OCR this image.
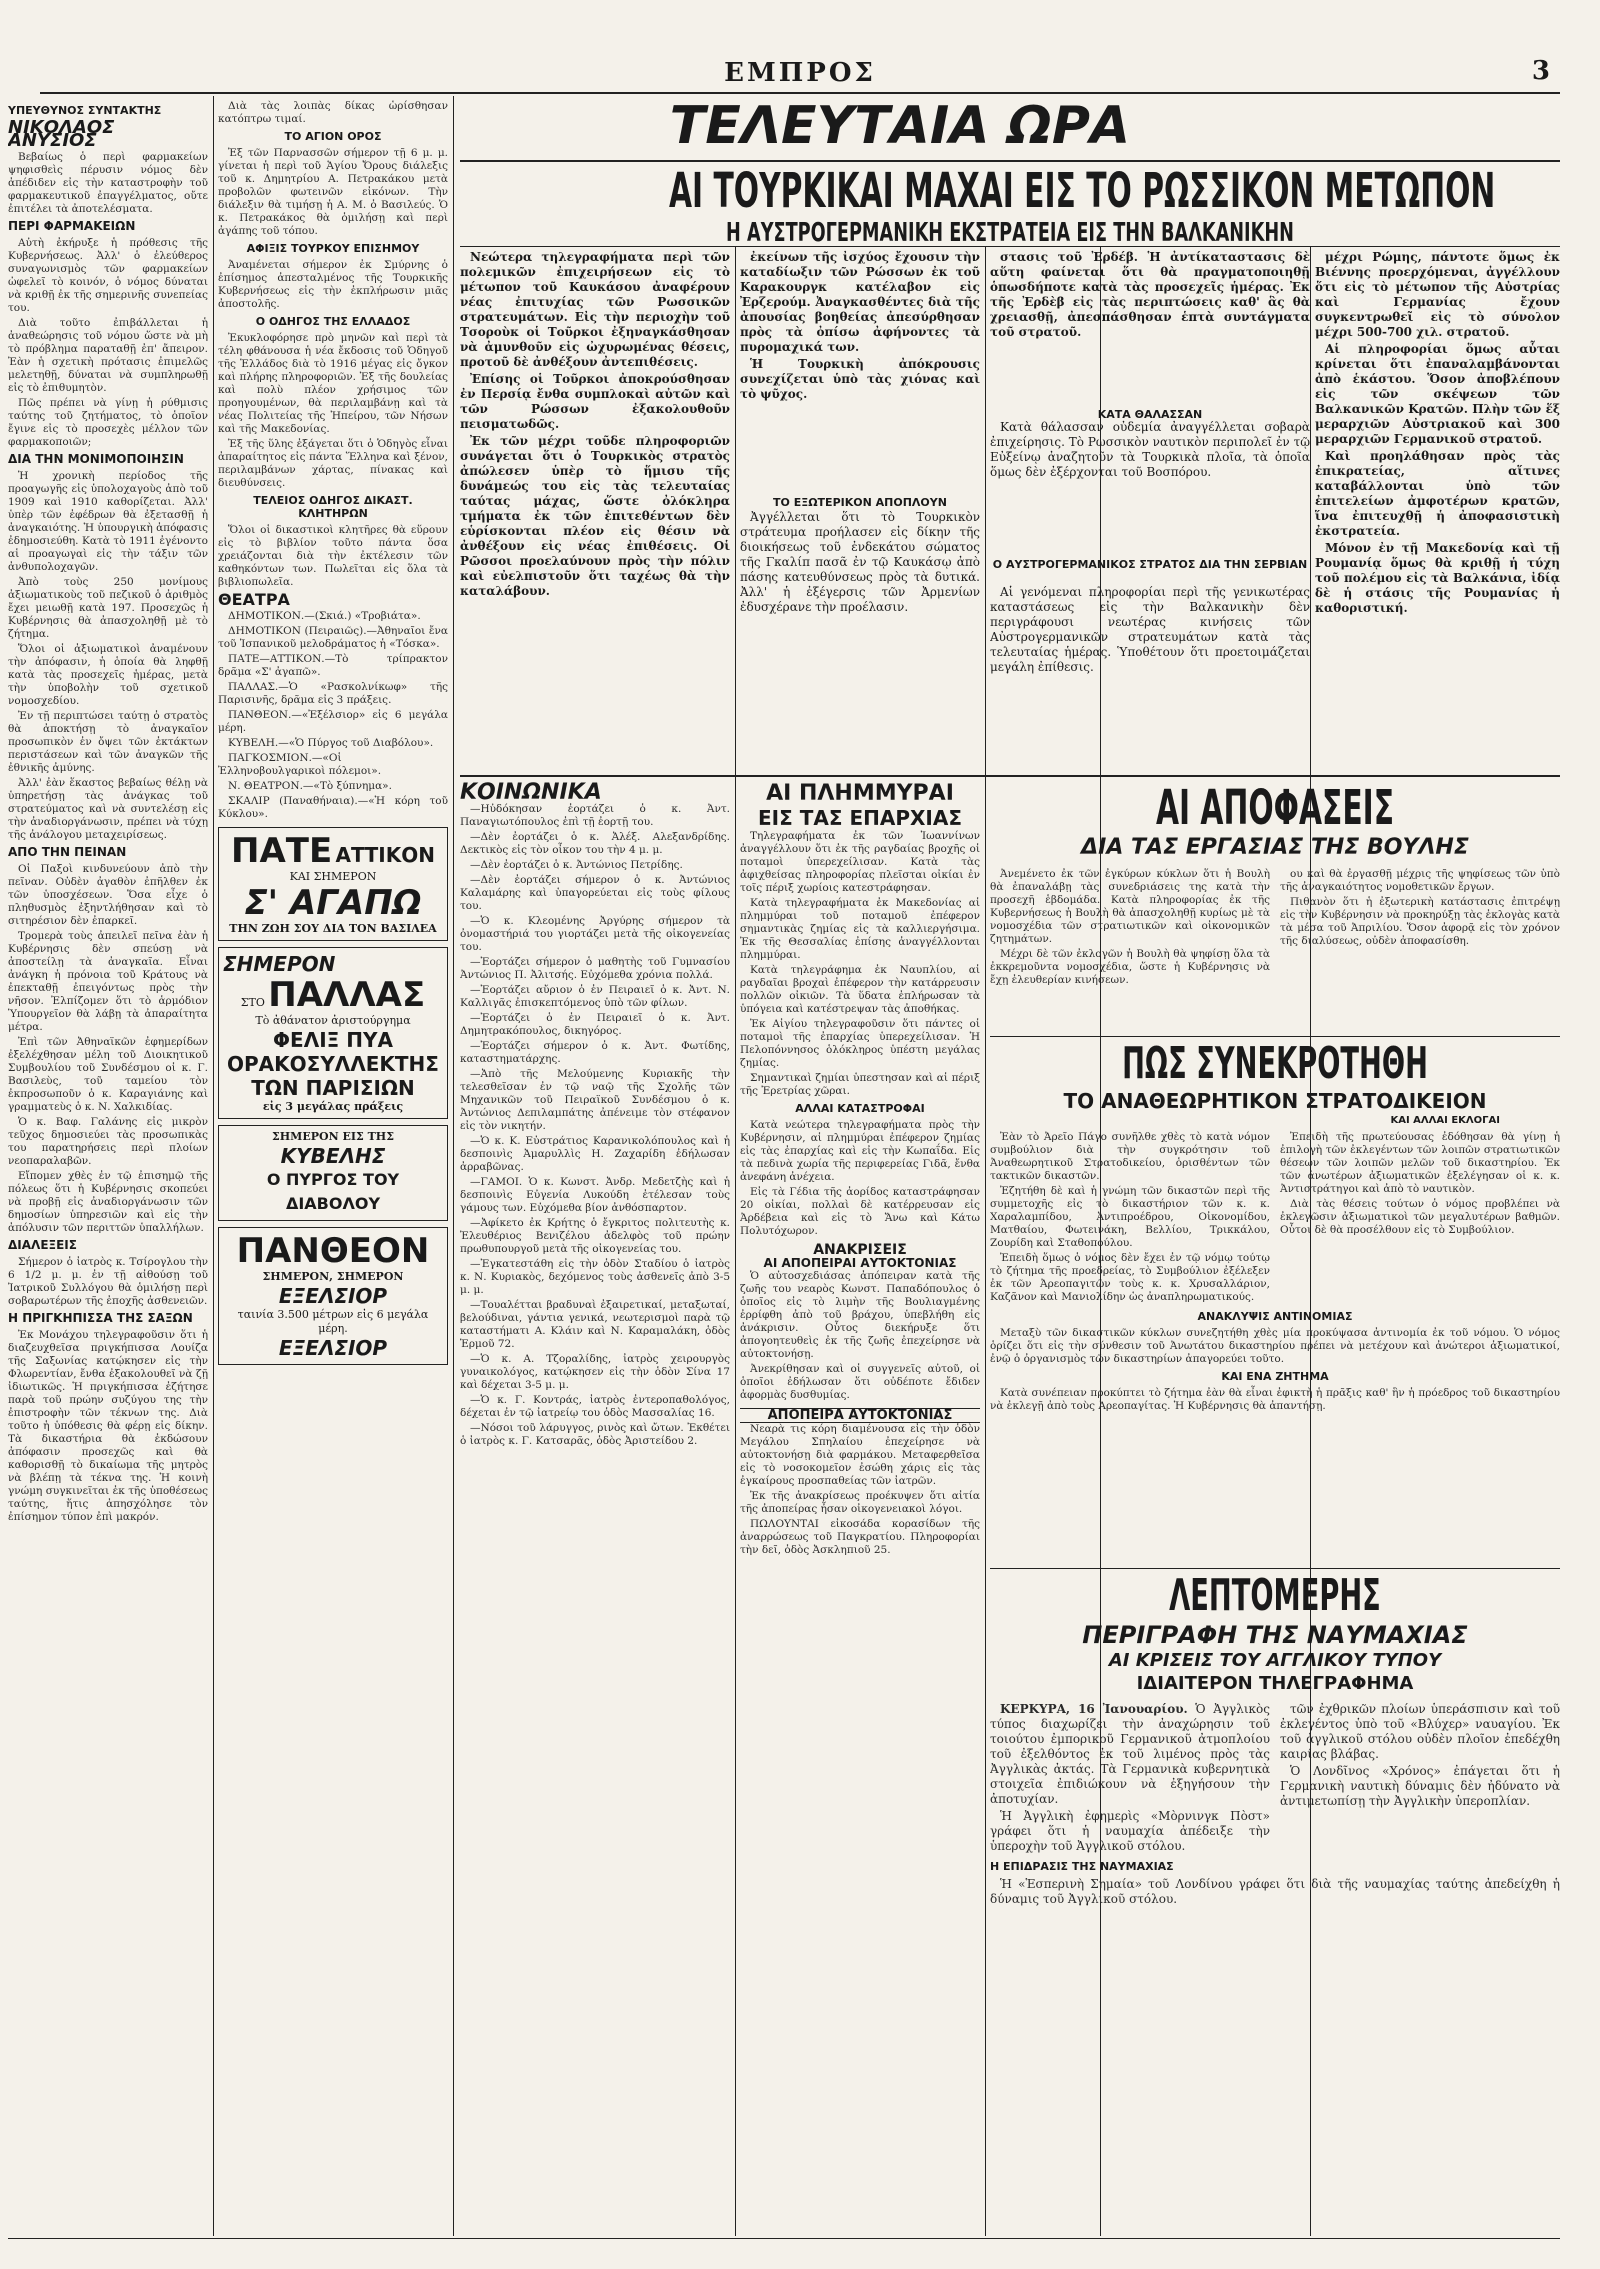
ΕΜΠΡΟΣ	3
ΥΠΕΥΘΥΝΟΣ ΣΥΝΤΑΚΤΗΣ
ΝΙΚΟΛΑΟΣ ΑΝΥΣΙΟΣ

Βεβαίως ὁ περὶ φαρμακείων ψηφισθεὶς πέρυσιν νόμος δὲν ἀπέδιδεν εἰς τὴν καταστροφὴν τοῦ φαρμακευτικοῦ ἐπαγγέλματος, οὔτε ἐπιτέλει τὰ ἀποτελέσματα.

ΠΕΡΙ ΦΑΡΜΑΚΕΙΩΝ

Αὐτὴ ἐκήρυξε ἡ πρόθεσις τῆς Κυβερνήσεως. Ἀλλ' ὁ ἐλεύθερος συναγωνισμὸς τῶν φαρμακείων ὠφελεῖ τὸ κοινόν, ὁ νόμος δύναται νὰ κριθῇ ἐκ τῆς σημερινῆς συνεπείας του.

Διὰ τοῦτο ἐπιβάλλεται ἡ ἀναθεώρησις τοῦ νόμου ὥστε νὰ μὴ τὸ πρόβλημα παραταθῇ ἐπ' ἄπειρον. Ἐὰν ἡ σχετικὴ πρότασις ἐπιμελῶς μελετηθῇ, δύναται νὰ συμπληρωθῇ εἰς τὸ ἐπιθυμητὸν.

Πῶς πρέπει νὰ γίνῃ ἡ ρύθμισις ταύτης τοῦ ζητήματος, τὸ ὁποῖον ἔγινε εἰς τὸ προσεχὲς μέλλον τῶν φαρμακοποιῶν;

ΔΙΑ ΤΗΝ ΜΟΝΙΜΟΠΟΙΗΣΙΝ

Ἡ χρονικὴ περίοδος τῆς προαγωγῆς εἰς ὑπολοχαγοὺς ἀπὸ τοῦ 1909 καὶ 1910 καθορίζεται. Ἀλλ' ὑπὲρ τῶν ἐφέδρων θὰ ἐξετασθῇ ἡ ἀναγκαιότης. Ἡ ὑπουργικὴ ἀπόφασις ἐδημοσιεύθη. Κατὰ τὸ 1911 ἐγένοντο αἱ προαγωγαὶ εἰς τὴν τάξιν τῶν ἀνθυπολοχαγῶν.

Ἀπὸ τοὺς 250 μονίμους ἀξιωματικοὺς τοῦ πεζικοῦ ὁ ἀριθμὸς ἔχει μειωθῇ κατὰ 197. Προσεχῶς ἡ Κυβέρνησις θὰ ἀπασχοληθῇ μὲ τὸ ζήτημα.

Ὅλοι οἱ ἀξιωματικοὶ ἀναμένουν τὴν ἀπόφασιν, ἡ ὁποία θὰ ληφθῇ κατὰ τὰς προσεχεῖς ἡμέρας, μετὰ τὴν ὑποβολὴν τοῦ σχετικοῦ νομοσχεδίου.

Ἐν τῇ περιπτώσει ταύτῃ ὁ στρατὸς θὰ ἀποκτήσῃ τὸ ἀναγκαῖον προσωπικὸν ἐν ὄψει τῶν ἐκτάκτων περιστάσεων καὶ τῶν ἀναγκῶν τῆς ἐθνικῆς ἀμύνης.

Ἀλλ' ἐὰν ἕκαστος βεβαίως θέλῃ νὰ ὑπηρετήσῃ τὰς ἀνάγκας τοῦ στρατεύματος καὶ νὰ συντελέσῃ εἰς τὴν ἀναδιοργάνωσιν, πρέπει νὰ τύχῃ τῆς ἀνάλογου μεταχειρίσεως.

ΑΠΟ ΤΗΝ ΠΕΙΝΑΝ

Οἱ Παξοὶ κινδυνεύουν ἀπὸ τὴν πεῖναν. Οὐδὲν ἀγαθὸν ἐπῆλθεν ἐκ τῶν ὑποσχέσεων. Ὅσα εἶχε ὁ πληθυσμὸς ἐξηντλήθησαν καὶ τὸ σιτηρέσιον δὲν ἐπαρκεῖ.

Τρομερὰ τοὺς ἀπειλεῖ πεῖνα ἐὰν ἡ Κυβέρνησις δὲν σπεύσῃ νὰ ἀποστείλῃ τὰ ἀναγκαῖα. Εἶναι ἀνάγκη ἡ πρόνοια τοῦ Κράτους νὰ ἐπεκταθῇ ἐπειγόντως πρὸς τὴν νῆσον. Ἐλπίζομεν ὅτι τὸ ἁρμόδιον Ὑπουργεῖον θὰ λάβῃ τὰ ἀπαραίτητα μέτρα.

Ἐπὶ τῶν Ἀθηναϊκῶν ἐφημερίδων ἐξελέχθησαν μέλη τοῦ Διοικητικοῦ Συμβουλίου τοῦ Συνδέσμου οἱ κ. Γ. Βασιλεὺς, τοῦ ταμείου τὸν ἐκπροσωποῦν ὁ κ. Καραγιάνης καὶ γραμματεὺς ὁ κ. Ν. Χαλκιδίας.

Ὁ κ. Βαφ. Γαλάνης εἰς μικρὸν τεῦχος δημοσιεύει τὰς προσωπικὰς του παρατηρήσεις περὶ πλοίων νεοπαραλαβῶν.

Εἴπομεν χθὲς ἐν τῷ ἐπισημῷ τῆς πόλεως ὅτι ἡ Κυβέρνησις σκοπεύει νὰ προβῇ εἰς ἀναδιοργάνωσιν τῶν δημοσίων ὑπηρεσιῶν καὶ εἰς τὴν ἀπόλυσιν τῶν περιττῶν ὑπαλλήλων.

ΔΙΑΛΕΞΕΙΣ

Σήμερον ὁ ἰατρὸς κ. Τσίρογλου τὴν 6 1/2 μ. μ. ἐν τῇ αἰθούσῃ τοῦ Ἰατρικοῦ Συλλόγου θὰ ὁμιλήσῃ περὶ σοβαρωτέρων τῆς ἐποχῆς ἀσθενειῶν.

Η ΠΡΙΓΚΗΠΙΣΣΑ ΤΗΣ ΣΑΞΩΝ

Ἐκ Μονάχου τηλεγραφοῦσιν ὅτι ἡ διαζευχθεῖσα πριγκήπισσα Λουίζα τῆς Σαξωνίας κατῴκησεν εἰς τὴν Φλωρεντίαν, ἔνθα ἐξακολουθεῖ νὰ ζῇ ἰδιωτικῶς. Ἡ πριγκήπισσα ἐζήτησε παρὰ τοῦ πρώην συζύγου της τὴν ἐπιστροφὴν τῶν τέκνων της. Διὰ τοῦτο ἡ ὑπόθεσις θὰ φέρῃ εἰς δίκην. Τὰ δικαστήρια θὰ ἐκδώσουν ἀπόφασιν προσεχῶς καὶ θὰ καθορισθῇ τὸ δικαίωμα τῆς μητρὸς νὰ βλέπῃ τὰ τέκνα της. Ἡ κοινὴ γνώμη συγκινεῖται ἐκ τῆς ὑποθέσεως ταύτης, ἥτις ἀπησχόλησε τὸν ἐπίσημον τύπον ἐπὶ μακρόν.

Διὰ τὰς λοιπὰς δίκας ὡρίσθησαν κατόπτρω τιμαί.

ΤΟ ΑΓΙΟΝ ΟΡΟΣ

Ἐξ τῶν Παρνασσῶν σήμερον τῇ 6 μ. μ. γίνεται ἡ περὶ τοῦ Ἁγίου Ὄρους διάλεξις τοῦ κ. Δημητρίου Α. Πετρακάκου μετὰ προβολῶν φωτεινῶν εἰκόνων. Τὴν διάλεξιν θὰ τιμήσῃ ἡ Α. Μ. ὁ Βασιλεύς. Ὁ κ. Πετρακάκος θὰ ὁμιλήσῃ καὶ περὶ ἀγάπης τοῦ τόπου.

ΑΦΙΞΙΣ ΤΟΥΡΚΟΥ ΕΠΙΣΗΜΟΥ

Ἀναμένεται σήμερον ἐκ Σμύρνης ὁ ἐπίσημος ἀπεσταλμένος τῆς Τουρκικῆς Κυβερνήσεως εἰς τὴν ἐκπλήρωσιν μιᾶς ἀποστολῆς.

Ο ΟΔΗΓΟΣ ΤΗΣ ΕΛΛΑΔΟΣ

Ἐκυκλοφόρησε πρὸ μηνῶν καὶ περὶ τὰ τέλη φθάνουσα ἡ νέα ἔκδοσις τοῦ Ὁδηγοῦ τῆς Ἑλλάδος διὰ τὸ 1916 μέγας εἰς ὄγκον καὶ πλήρης πληροφοριῶν. Ἐξ τῆς δουλείας καὶ πολὺ πλέον χρήσιμος τῶν προηγουμένων, θὰ περιλαμβάνῃ καὶ τὰ νέας Πολιτείας τῆς Ἠπείρου, τῶν Νήσων καὶ τῆς Μακεδονίας.

Ἐξ τῆς ὕλης ἐξάγεται ὅτι ὁ Ὁδηγὸς εἶναι ἀπαραίτητος εἰς πάντα Ἕλληνα καὶ ξένον, περιλαμβάνων χάρτας, πίνακας καὶ διευθύνσεις.

ΤΕΛΕΙΟΣ ΟΔΗΓΟΣ ΔΙΚΑΣΤ. ΚΛΗΤΗΡΩΝ

Ὅλοι οἱ δικαστικοὶ κλητῆρες θὰ εὕρουν εἰς τὸ βιβλίον τοῦτο πάντα ὅσα χρειάζονται διὰ τὴν ἐκτέλεσιν τῶν καθηκόντων των. Πωλεῖται εἰς ὅλα τὰ βιβλιοπωλεῖα.

ΘΕΑΤΡΑ

ΔΗΜΟΤΙΚΟΝ.—(Σκιά.) «Τροβιάτα».

ΔΗΜΟΤΙΚΟΝ (Πειραιῶς).—Ἀθηναῖοι ἔνα τοῦ Ἰσπανικοῦ μελοδράματος ἡ «Τόσκα».

ΠΑΤΕ—ΑΤΤΙΚΟΝ.—Τὸ τρίπρακτον δρᾶμα «Σ' ἀγαπῶ».

ΠΑΛΛΑΣ.—Ὁ «Ρασκολνίκωφ» τῆς Παρισινῆς, δρᾶμα εἰς 3 πράξεις.

ΠΑΝΘΕΟΝ.—«Ἐξέλσιορ» εἰς 6 μεγάλα μέρη.

ΚΥΒΕΛΗ.—«Ὁ Πύργος τοῦ Διαβόλου».

ΠΑΓΚΟΣΜΙΟΝ.—«Οἱ Ἐλληνοβουλγαρικοὶ πόλεμοι».

Ν. ΘΕΑΤΡΟΝ.—«Τὸ ξύπνημα».

ΣΚΑΛΙΡ (Παναθήναια).—«Ἡ κόρη τοῦ Κύκλου».

ΠΑΤΕ ΑΤΤΙΚΟΝ
ΚΑΙ ΣΗΜΕΡΟΝ
Σ' ΑΓΑΠΩ
ΤΗΝ ΖΩΗ ΣΟΥ ΔΙΑ ΤΟΝ ΒΑΣΙΛΕΑ
ΣΗΜΕΡΟΝ
ΣΤΟ ΠΑΛΛΑΣ
Τὸ ἀθάνατον ἀριστούργημα
ΦΕΛΙΞ ΠΥΑ
ΟΡΑΚΟΣΥΛΛΕΚΤΗΣ
ΤΩΝ ΠΑΡΙΣΙΩΝ
εἰς 3 μεγάλας πράξεις
ΣΗΜΕΡΟΝ ΕΙΣ ΤΗΣ ΚΥΒΕΛΗΣ
Ο ΠΥΡΓΟΣ ΤΟΥ ΔΙΑΒΟΛΟΥ
ΠΑΝΘΕΟΝ
ΣΗΜΕΡΟΝ, ΣΗΜΕΡΟΝ
ΕΞΕΛΣΙΟΡ
ταινία 3.500 μέτρων εἰς 6 μεγάλα μέρη.
ΕΞΕΛΣΙΟΡ
ΤΕΛΕΥΤΑΙΑ ΩΡΑ
ΑΙ ΤΟΥΡΚΙΚΑΙ ΜΑΧΑΙ ΕΙΣ ΤΟ ΡΩΣΣΙΚΟΝ ΜΕΤΩΠΟΝ
Η ΑΥΣΤΡΟΓΕΡΜΑΝΙΚΗ ΕΚΣΤΡΑΤΕΙΑ ΕΙΣ ΤΗΝ ΒΑΛΚΑΝΙΚΗΝ

Νεώτερα τηλεγραφήματα περὶ τῶν πολεμικῶν ἐπιχειρήσεων εἰς τὸ μέτωπον τοῦ Καυκάσου ἀναφέρουν νέας ἐπιτυχίας τῶν Ρωσσικῶν στρατευμάτων. Εἰς τὴν περιοχὴν τοῦ Τσοροὺκ οἱ Τοῦρκοι ἐξηναγκάσθησαν νὰ ἀμυνθοῦν εἰς ὠχυρωμένας θέσεις, προτοῦ δὲ ἀνθέξουν ἀντεπιθέσεις.

Ἐπίσης οἱ Τοῦρκοι ἀποκρούσθησαν ἐν Περσίᾳ ἔνθα συμπλοκαὶ αὐτῶν καὶ τῶν Ρώσσων ἐξακολουθοῦν πεισματωδῶς.

Ἐκ τῶν μέχρι τοῦδε πληροφοριῶν συνάγεται ὅτι ὁ Τουρκικὸς στρατὸς ἀπώλεσεν ὑπὲρ τὸ ἥμισυ τῆς δυνάμεώς του εἰς τὰς τελευταίας ταύτας μάχας, ὥστε ὀλόκληρα τμήματα ἐκ τῶν ἐπιτεθέντων δὲν εὑρίσκονται πλέον εἰς θέσιν νὰ ἀνθέξουν εἰς νέας ἐπιθέσεις. Οἱ Ρῶσσοι προελαύνουν πρὸς τὴν πόλιν καὶ εὐελπιστοῦν ὅτι ταχέως θὰ τὴν καταλάβουν.

ἐκείνων τῆς ἰσχύος ἔχουσιν τὴν καταδίωξιν τῶν Ρώσσων ἐκ τοῦ Καρακουργκ κατέλαβον εἰς Ἐρζερούμ. Ἀναγκασθέντες διὰ τῆς ἀπουσίας βοηθείας ἀπεσύρθησαν πρὸς τὰ ὀπίσω ἀφήνοντες τὰ πυρομαχικά των.

Ἡ Τουρκικὴ ἀπόκρουσις συνεχίζεται ὑπὸ τὰς χιόνας καὶ τὸ ψῦχος.

ΤΟ ΕΞΩΤΕΡΙΚΟΝ ΑΠΟΠΛΟΥΝ

Ἀγγέλλεται ὅτι τὸ Τουρκικὸν στράτευμα προήλασεν εἰς δίκην τῆς διοικήσεως τοῦ ἐνδεκάτου σώματος τῆς Γκαλίπ πασᾶ ἐν τῷ Καυκάσῳ ἀπὸ πάσης κατευθύνσεως πρὸς τὰ δυτικά. Ἀλλ' ἡ ἐξέγερσις τῶν Ἀρμενίων ἐδυσχέρανε τὴν προέλασιν.

στασις τοῦ Ἐρδέβ. Ἡ ἀντίκαταστασις δὲ αὕτη φαίνεται ὅτι θὰ πραγματοποιηθῇ ὁπωσδήποτε κατὰ τὰς προσεχεῖς ἡμέρας. Ἐκ τῆς Ἐρδὲβ εἰς τὰς περιπτώσεις καθ' ἃς θὰ χρειασθῇ, ἀπεσπάσθησαν ἑπτὰ συντάγματα τοῦ στρατοῦ.

ΚΑΤΑ ΘΑΛΑΣΣΑΝ

Κατὰ θάλασσαν οὐδεμία ἀναγγέλλεται σοβαρὰ ἐπιχείρησις. Τὸ Ρωσσικὸν ναυτικὸν περιπολεῖ ἐν τῷ Εὐξείνῳ ἀναζητοῦν τὰ Τουρκικὰ πλοῖα, τὰ ὁποῖα ὅμως δὲν ἐξέρχονται τοῦ Βοσπόρου.

Ο ΑΥΣΤΡΟΓΕΡΜΑΝΙΚΟΣ ΣΤΡΑΤΟΣ ΔΙΑ ΤΗΝ ΣΕΡΒΙΑΝ

Αἱ γενόμεναι πληροφορίαι περὶ τῆς γενικωτέρας καταστάσεως εἰς τὴν Βαλκανικὴν δὲν περιγράφουσι νεωτέρας κινήσεις τῶν Αὐστρογερμανικῶν στρατευμάτων κατὰ τὰς τελευταίας ἡμέρας. Ὑποθέτουν ὅτι προετοιμάζεται μεγάλη ἐπίθεσις.

μέχρι Ρώμης, πάντοτε ὅμως ἐκ Βιέννης προερχόμεναι, ἀγγέλλουν ὅτι εἰς τὸ μέτωπον τῆς Αὐστρίας καὶ Γερμανίας ἔχουν συγκεντρωθεῖ εἰς τὸ σύνολον μέχρι 500-700 χιλ. στρατοῦ.

Αἱ πληροφορίαι ὅμως αὗται κρίνεται ὅτι ἐπαναλαμβάνονται ἀπὸ ἑκάστου. Ὅσον ἀποβλέπουν εἰς τῶν σκέψεων τῶν Βαλκανικῶν Κρατῶν. Πλὴν τῶν ἕξ μεραρχιῶν Αὐστριακοῦ καὶ 300 μεραρχιῶν Γερμανικοῦ στρατοῦ.

Καὶ προηλάθησαν πρὸς τὰς ἐπικρατείας, αἵτινες καταβάλλονται ὑπὸ τῶν ἐπιτελείων ἀμφοτέρων κρατῶν, ἵνα ἐπιτευχθῇ ἡ ἀποφασιστικὴ ἐκστρατεία.

Μόνον ἐν τῇ Μακεδονίᾳ καὶ τῇ Ρουμανίᾳ ὅμως θὰ κριθῇ ἡ τύχη τοῦ πολέμου εἰς τὰ Βαλκάνια, ἰδίᾳ δὲ ἡ στάσις τῆς Ρουμανίας ἡ καθοριστική.

ΚΟΙΝΩΝΙΚΑ

—Ηὐδόκησαν ἐορτάζει ὁ κ. Ἀντ. Παναγιωτόπουλος ἐπὶ τῇ ἐορτῇ του.

—Δὲν ἐορτάζει ὁ κ. Ἀλέξ. Αλεξανδρίδης. Δεκτικὸς εἰς τὸν οἶκον του τὴν 4 μ. μ.

—Δὲν ἐορτάζει ὁ κ. Ἀντώνιος Πετρίδης.

—Δὲν ἐορτάζει σήμερον ὁ κ. Ἀντώνιος Καλαμάρης καὶ ὑπαγορεύεται εἰς τοὺς φίλους του.

—Ὁ κ. Κλεομένης Ἀργύρης σήμερον τὰ ὀνομαστήριά του γιορτάζει μετὰ τῆς οἰκογενείας του.

—Ἐορτάζει σήμερον ὁ μαθητὴς τοῦ Γυμνασίου Ἀντώνιος Π. Ἀλιτσής. Εὐχόμεθα χρόνια πολλά.

—Ἐορτάζει αὔριον ὁ ἐν Πειραιεῖ ὁ κ. Ἀντ. Ν. Καλλιγᾶς ἐπισκεπτόμενος ὑπὸ τῶν φίλων.

—Ἐορτάζει ὁ ἐν Πειραιεῖ ὁ κ. Ἀντ. Δημητρακόπουλος, δικηγόρος.

—Ἐορτάζει σήμερον ὁ κ. Ἀντ. Φωτίδης, καταστηματάρχης.

—Ἀπὸ τῆς Μελούμενης Κυριακῆς τὴν τελεσθεῖσαν ἐν τῷ ναῷ τῆς Σχολῆς τῶν Μηχανικῶν τοῦ Πειραϊκοῦ Συνδέσμου ὁ κ. Ἀντώνιος Δεπιλαμπάτης ἀπένειμε τὸν στέφανον εἰς τὸν νικητήν.

—Ὁ κ. Κ. Εὐστράτιος Καρανικολόπουλος καὶ ἡ δεσποινὶς Ἀμαρυλλὶς Η. Ζαχαρίδη ἐδήλωσαν ἀρραβῶνας.

—ΓΑΜΟΙ. Ὁ κ. Κωνστ. Ἀνδρ. Μεδετζὴς καὶ ἡ δεσποινὶς Εὐγενία Λυκούδη ἐτέλεσαν τοὺς γάμους των. Εὐχόμεθα βίον ἀνθόσπαρτον.

—Ἀφίκετο ἐκ Κρήτης ὁ ἔγκριτος πολιτευτὴς κ. Ἐλευθέριος Βενιζέλου ἀδελφὸς τοῦ πρώην πρωθυπουργοῦ μετὰ τῆς οἰκογενείας του.

—Ἐγκατεστάθη εἰς τὴν ὁδὸν Σταδίου ὁ ἰατρὸς κ. Ν. Κυριακὸς, δεχόμενος τοὺς ἀσθενεῖς ἀπὸ 3-5 μ. μ.

—Τουαλέτται βραδυναὶ ἐξαιρετικαί, μεταξωταί, βελούδιναι, γάντια γενικά, νεωτερισμοὶ παρὰ τῷ καταστήματι Α. Κλάιν καὶ Ν. Καραμαλάκη, ὁδὸς Ἑρμοῦ 72.

—Ὁ κ. Α. Τζοραλίδης, ἰατρὸς χειρουργὸς γυναικολόγος, κατῴκησεν εἰς τὴν ὁδὸν Σίνα 17 καὶ δέχεται 3-5 μ. μ.

—Ὁ κ. Γ. Κοντράς, ἰατρὸς ἐντεροπαθολόγος, δέχεται ἐν τῷ ἰατρείῳ του ὁδὸς Μασσαλίας 16.

—Νόσοι τοῦ λάρυγγος, ρινὸς καὶ ὤτων. Ἐκθέτει ὁ ἰατρὸς κ. Γ. Κατσαρᾶς, ὁδὸς Ἀριστείδου 2.

ΑΙ ΠΛΗΜΜΥΡΑΙ
ΕΙΣ ΤΑΣ ΕΠΑΡΧΙΑΣ

Τηλεγραφήματα ἐκ τῶν Ἰωαννίνων ἀναγγέλλουν ὅτι ἐκ τῆς ραγδαίας βροχῆς οἱ ποταμοὶ ὑπερεχείλισαν. Κατὰ τὰς ἀφιχθείσας πληροφορίας πλεῖσται οἰκίαι ἐν τοῖς πέριξ χωρίοις κατεστράφησαν.

Κατὰ τηλεγραφήματα ἐκ Μακεδονίας αἱ πλημμύραι τοῦ ποταμοῦ ἐπέφερον σημαντικὰς ζημίας εἰς τὰ καλλιεργήσιμα. Ἐκ τῆς Θεσσαλίας ἐπίσης ἀναγγέλλονται πλημμύραι.

Κατὰ τηλεγράφημα ἐκ Ναυπλίου, αἱ ραγδαῖαι βροχαὶ ἐπέφερον τὴν κατάρρευσιν πολλῶν οἰκιῶν. Τὰ ὕδατα ἐπλήρωσαν τὰ ὑπόγεια καὶ κατέστρεψαν τὰς ἀποθήκας.

Ἐκ Αἰγίου τηλεγραφοῦσιν ὅτι πάντες οἱ ποταμοὶ τῆς ἐπαρχίας ὑπερεχείλισαν. Ἡ Πελοπόννησος ὁλόκληρος ὑπέστη μεγάλας ζημίας.

Σημαντικαὶ ζημίαι ὑπεστησαν καὶ αἱ πέριξ τῆς Ἐρετρίας χῶραι.

ΑΛΛΑΙ ΚΑΤΑΣΤΡΟΦΑΙ

Κατὰ νεώτερα τηλεγραφήματα πρὸς τὴν Κυβέρνησιν, αἱ πλημμύραι ἐπέφερον ζημίας εἰς τὰς ἐπαρχίας καὶ εἰς τὴν Κωπαΐδα. Εἰς τὰ πεδινὰ χωρία τῆς περιφερείας Γιδᾶ, ἔνθα ἀνεφάνη ἀνέχεια.

Εἰς τὰ Γέδια τῆς ἀορίδος καταστράφησαν 20 οἰκίαι, πολλαὶ δὲ κατέρρευσαν εἰς Ἀρδέβεια καὶ εἰς τὸ Ἄνω καὶ Κάτω Πολυτόχωρον.

ΑΝΑΚΡΙΣΕΙΣ
ΑΙ ΑΠΟΠΕΙΡΑΙ ΑΥΤΟΚΤΟΝΙΑΣ

Ὁ αὐτοσχεδιάσας ἀπόπειραν κατὰ τῆς ζωῆς του νεαρὸς Κωνστ. Παπαδόπουλος ὁ ὁποῖος εἰς τὸ λιμὴν τῆς Βουλιαγμένης ἐρρίφθη ἀπὸ τοῦ βράχου, ὑπεβλήθη εἰς ἀνάκρισιν. Οὗτος διεκήρυξε ὅτι ἀπογοητευθεὶς ἐκ τῆς ζωῆς ἐπεχείρησε νὰ αὐτοκτονήσῃ.

Ἀνεκρίθησαν καὶ οἱ συγγενεῖς αὐτοῦ, οἱ ὁποῖοι ἐδήλωσαν ὅτι οὐδέποτε ἔδιδεν ἀφορμὰς δυσθυμίας.

ΑΠΟΠΕΙΡΑ ΑΥΤΟΚΤΟΝΙΑΣ

Νεαρὰ τις κόρη διαμένουσα εἰς τὴν ὁδὸν Μεγάλου Σπηλαίου ἐπεχείρησε νὰ αὐτοκτονήσῃ διὰ φαρμάκου. Μεταφερθεῖσα εἰς τὸ νοσοκομεῖον ἐσώθη χάρις εἰς τὰς ἐγκαίρους προσπαθείας τῶν ἰατρῶν.

Ἐκ τῆς ἀνακρίσεως προέκυψεν ὅτι αἰτία τῆς ἀποπείρας ἦσαν οἰκογενειακοὶ λόγοι.

ΠΩΛΟΥΝΤΑΙ εἰκοσάδα κορασίδων τῆς ἀναρρώσεως τοῦ Παγκρατίου. Πληροφορίαι τὴν δεῖ, ὁδὸς Ἀσκληπιοῦ 25.

ΑΙ ΑΠΟΦΑΣΕΙΣ
ΔΙΑ ΤΑΣ ΕΡΓΑΣΙΑΣ ΤΗΣ ΒΟΥΛΗΣ

Ἀνεμένετο ἐκ τῶν ἐγκύρων κύκλων ὅτι ἡ Βουλὴ θὰ ἐπαναλάβῃ τὰς συνεδριάσεις της κατὰ τὴν προσεχῆ ἑβδομάδα. Κατὰ πληροφορίας ἐκ τῆς Κυβερνήσεως ἡ Βουλὴ θὰ ἀπασχοληθῇ κυρίως μὲ τὰ νομοσχέδια τῶν στρατιωτικῶν καὶ οἰκονομικῶν ζητημάτων.

Μέχρι δὲ τῶν ἐκλογῶν ἡ Βουλὴ θὰ ψηφίσῃ ὅλα τὰ ἐκκρεμοῦντα νομοσχέδια, ὥστε ἡ Κυβέρνησις νὰ ἔχῃ ἐλευθερίαν κινήσεων.

ου καὶ θὰ ἐργασθῇ μέχρις τῆς ψηφίσεως τῶν ὑπὸ τῆς ἀναγκαιότητος νομοθετικῶν ἔργων.

Πιθανὸν ὅτι ἡ ἐξωτερικὴ κατάστασις ἐπιτρέψῃ εἰς τὴν Κυβέρνησιν νὰ προκηρύξῃ τὰς ἐκλογὰς κατὰ τὰ μέσα τοῦ Ἀπριλίου. Ὅσον ἀφορᾷ εἰς τὸν χρόνον τῆς διαλύσεως, οὐδὲν ἀποφασίσθη.

ΠΩΣ ΣΥΝΕΚΡΟΤΗΘΗ
ΤΟ ΑΝΑΘΕΩΡΗΤΙΚΟΝ ΣΤΡΑΤΟΔΙΚΕΙΟΝ
ΚΑΙ ΑΛΛΑΙ ΕΚΛΟΓΑΙ

Ἐὰν τὸ Ἀρεῖο Πάγο συνῆλθε χθὲς τὸ κατὰ νόμον συμβούλιον διὰ τὴν συγκρότησιν τοῦ Ἀναθεωρητικοῦ Στρατοδικείου, ὁρισθέντων τῶν τακτικῶν δικαστῶν.

Ἐζητήθη δὲ καὶ ἡ γνώμη τῶν δικαστῶν περὶ τῆς συμμετοχῆς εἰς τὸ δικαστήριον τῶν κ. κ. Χαραλαμπίδου, Ἀντιπροέδρου, Οἰκονομίδου, Ματθαίου, Φωτεινάκη, Βελλίου, Τρικκάλου, Ζουρίδη καὶ Σταθοπούλου.

Ἐπειδὴ ὅμως ὁ νόμος δὲν ἔχει ἐν τῷ νόμῳ τούτῳ τὸ ζήτημα τῆς προεδρείας, τὸ Συμβούλιον ἐξέλεξεν ἐκ τῶν Ἀρεοπαγιτῶν τοὺς κ. κ. Χρυσαλλάριον, Καζᾶνον καὶ Μανιολίδην ὡς ἀναπληρωματικούς.

Ἐπειδὴ τῆς πρωτεύουσας ἐδόθησαν θὰ γίνῃ ἡ ἐπιλογὴ τῶν ἐκλεγέντων τῶν λοιπῶν στρατιωτικῶν θέσεων τῶν λοιπῶν μελῶν τοῦ δικαστηρίου. Ἐκ τῶν ἀνωτέρων ἀξιωματικῶν ἐξελέγησαν οἱ κ. κ. Ἀντιστράτηγοι καὶ ἀπὸ τὸ ναυτικὸν.

Διὰ τὰς θέσεις τούτων ὁ νόμος προβλέπει νὰ ἐκλεγῶσιν ἀξιωματικοὶ τῶν μεγαλυτέρων βαθμῶν. Οὗτοι δὲ θὰ προσέλθουν εἰς τὸ Συμβούλιον.

ΑΝΑΚΛΥΨΙΣ ΑΝΤΙΝΟΜΙΑΣ

Μεταξὺ τῶν δικαστικῶν κύκλων συνεζητήθη χθὲς μία προκύψασα ἀντινομία ἐκ τοῦ νόμου. Ὁ νόμος ὁρίζει ὅτι εἰς τὴν σύνθεσιν τοῦ Ἀνωτάτου δικαστηρίου πρέπει νὰ μετέχουν καὶ ἀνώτεροι ἀξιωματικοί, ἐνῷ ὁ ὀργανισμὸς τῶν δικαστηρίων ἀπαγορεύει τοῦτο.

ΚΑΙ ΕΝΑ ΖΗΤΗΜΑ

Κατὰ συνέπειαν προκύπτει τὸ ζήτημα ἐὰν θὰ εἶναι ἐφικτὴ ἡ πρᾶξις καθ' ἣν ἡ πρόεδρος τοῦ δικαστηρίου νὰ ἐκλεγῇ ἀπὸ τοὺς Ἀρεοπαγίτας. Ἡ Κυβέρνησις θὰ ἀπαντήσῃ.

ΛΕΠΤΟΜΕΡΗΣ
ΠΕΡΙΓΡΑΦΗ ΤΗΣ ΝΑΥΜΑΧΙΑΣ
ΑΙ ΚΡΙΣΕΙΣ ΤΟΥ ΑΓΓΛΙΚΟΥ ΤΥΠΟΥ
ΙΔΙΑΙΤΕΡΟΝ ΤΗΛΕΓΡΑΦΗΜΑ

ΚΕΡΚΥΡΑ, 16 Ἰανουαρίου. Ὁ Ἀγγλικὸς τύπος διαχωρίζει τὴν ἀναχώρησιν τοῦ τοιούτου ἐμπορικοῦ Γερμανικοῦ ἀτμοπλοίου τοῦ ἐξελθόντος ἐκ τοῦ λιμένος πρὸς τὰς Ἀγγλικὰς ἀκτάς. Τὰ Γερμανικὰ κυβερνητικὰ στοιχεῖα ἐπιδιώκουν νὰ ἐξηγήσουν τὴν ἀποτυχίαν.

Ἡ Ἀγγλικὴ ἐφημερὶς «Μὸρνινγκ Πὸστ» γράφει ὅτι ἡ ναυμαχία ἀπέδειξε τὴν ὑπεροχὴν τοῦ Ἀγγλικοῦ στόλου.

τῶν ἐχθρικῶν πλοίων ὑπεράσπισιν καὶ τοῦ ἐκλεγέντος ὑπὸ τοῦ «Βλύχερ» ναυαγίου. Ἐκ τοῦ ἀγγλικοῦ στόλου οὐδὲν πλοῖον ἐπεδέχθη καιρίας βλάβας.

Ὁ Λονδῖνος «Χρόνος» ἐπάγεται ὅτι ἡ Γερμανικὴ ναυτικὴ δύναμις δὲν ἠδύνατο νὰ ἀντιμετωπίσῃ τὴν Ἀγγλικὴν ὑπεροπλίαν.

Η ΕΠΙΔΡΑΣΙΣ ΤΗΣ ΝΑΥΜΑΧΙΑΣ

Ἡ «Ἑσπερινὴ Σημαία» τοῦ Λονδίνου γράφει ὅτι διὰ τῆς ναυμαχίας ταύτης ἀπεδείχθη ἡ δύναμις τοῦ Ἀγγλικοῦ στόλου.
